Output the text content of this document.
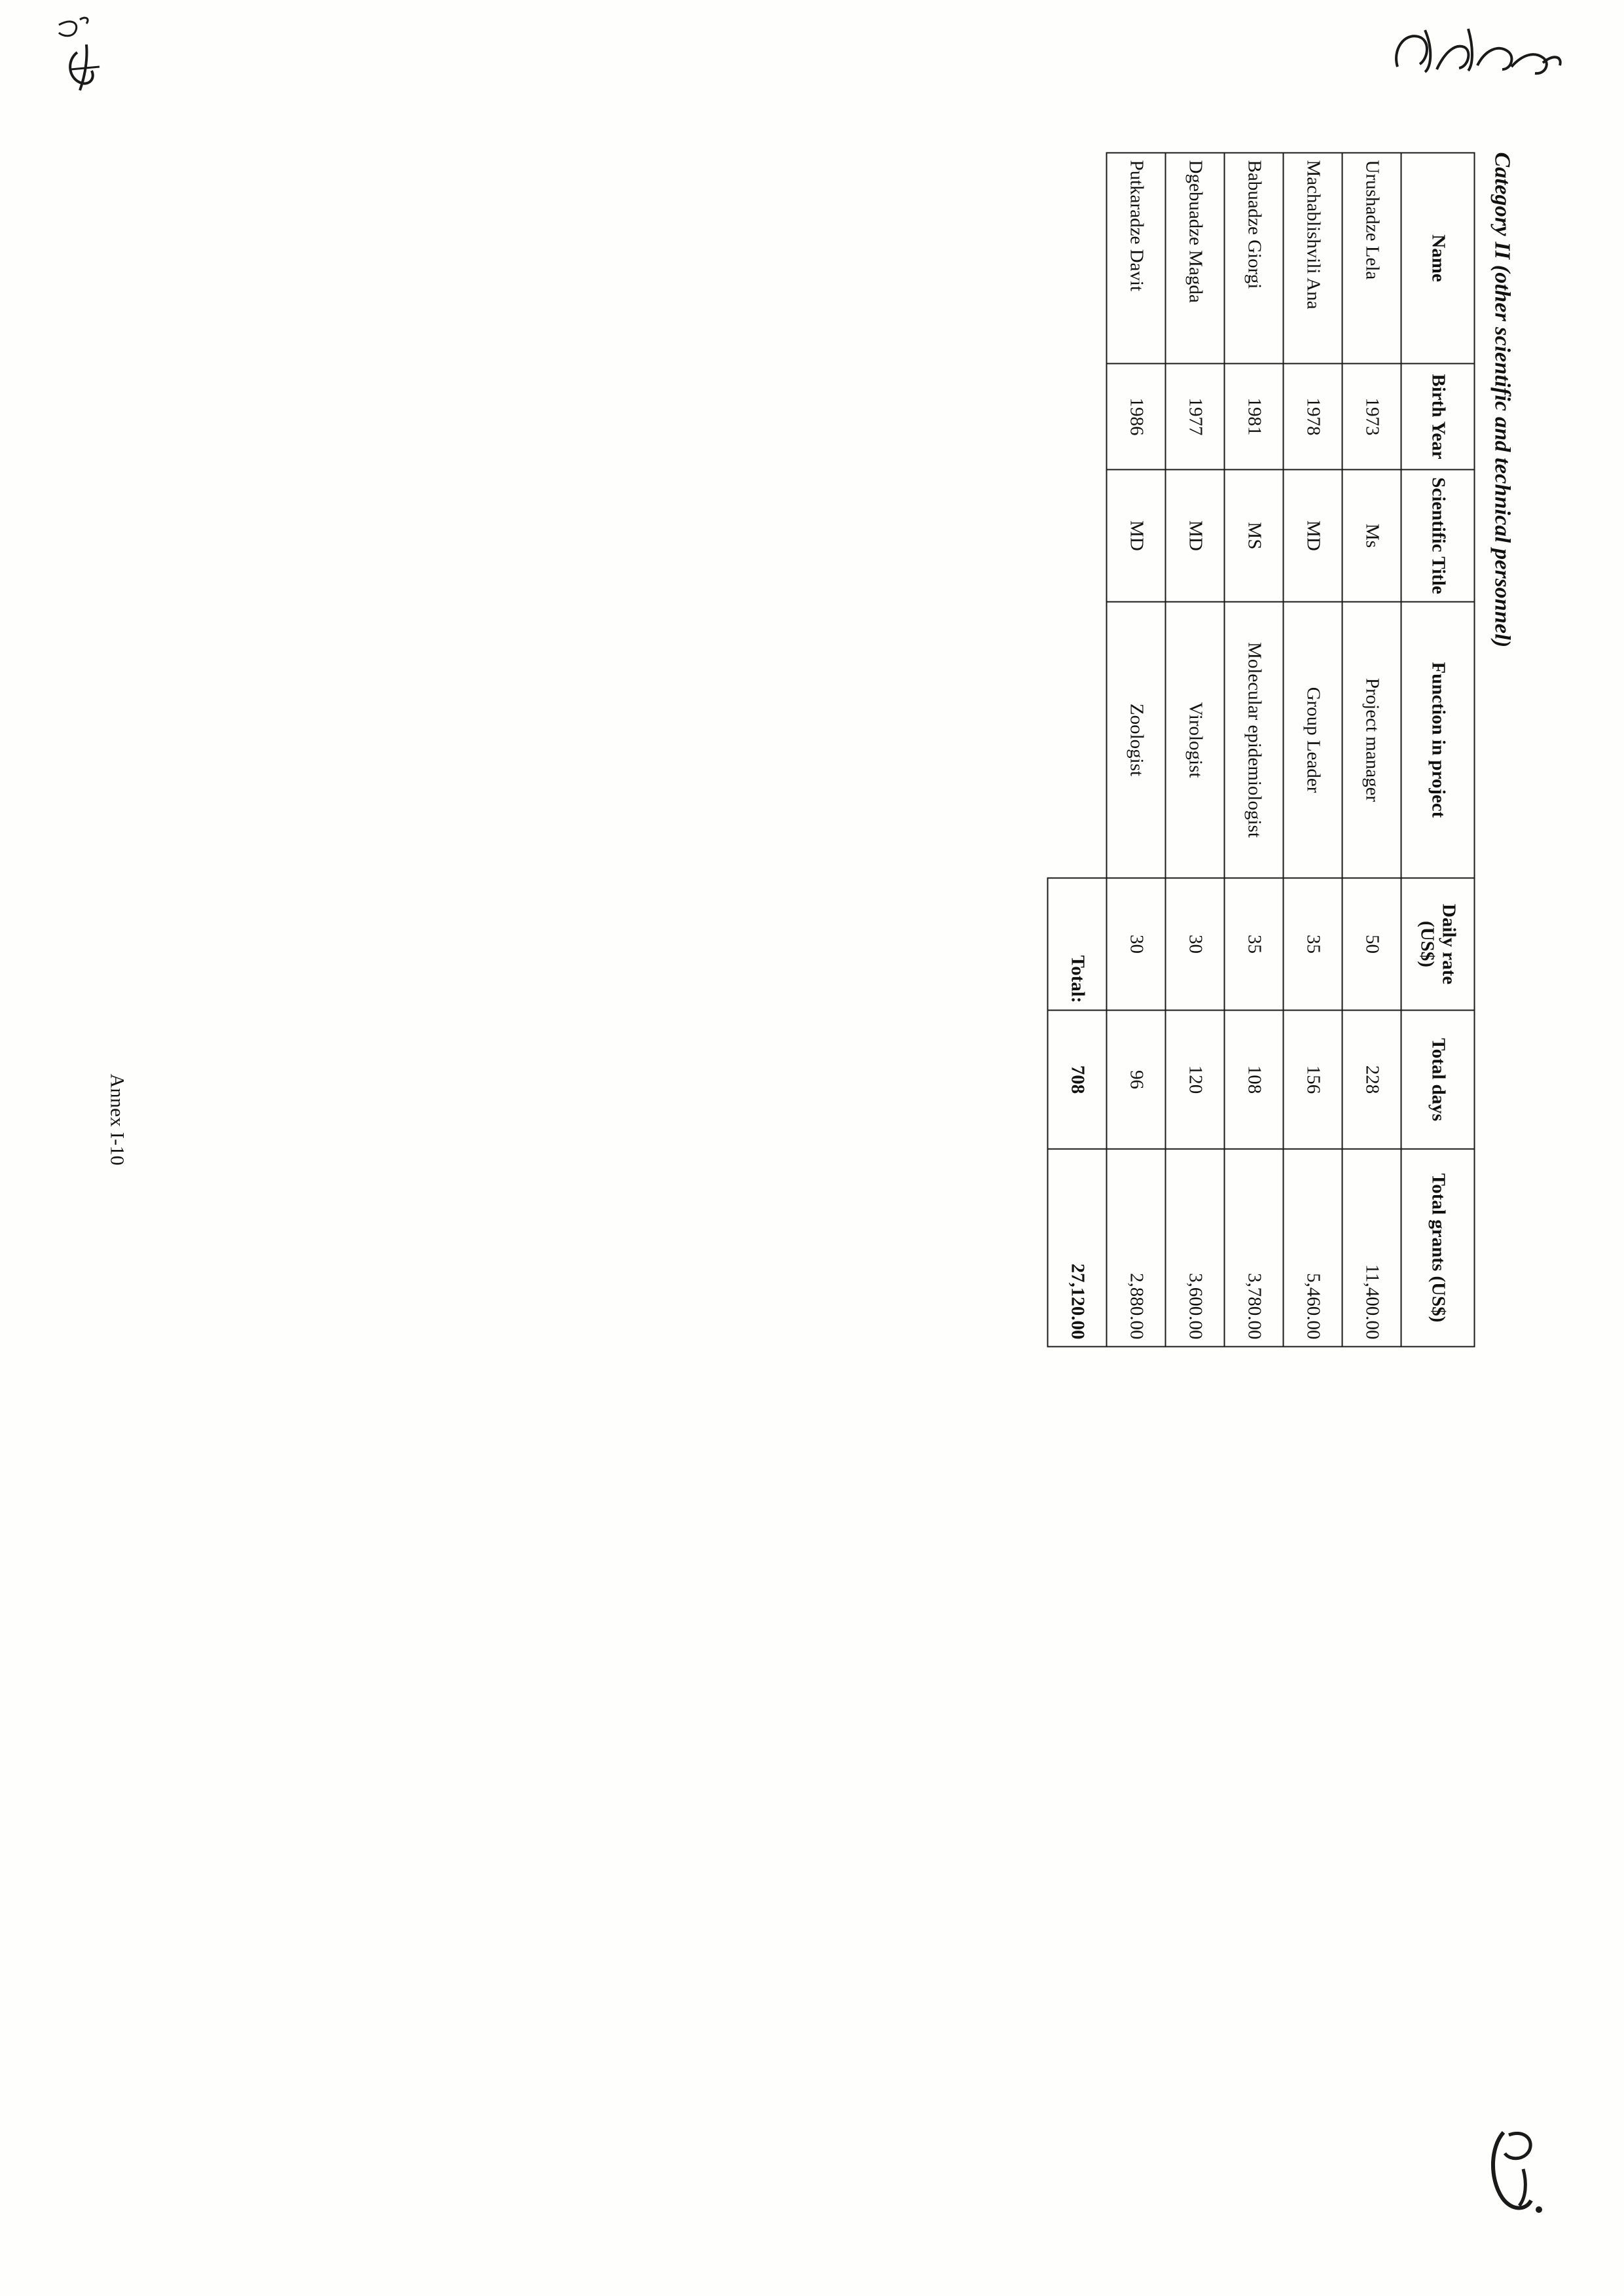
Category II (other scientific and technical personnel)
Name	Birth Year	Scientific Title	Function in project	Daily rate (US$)	Total days	Total grants (US$)
Urushadze Lela	1973	Ms	Project manager	50	228	11,400.00
Machablishvili Ana	1978	MD	Group Leader	35	156	5,460.00
Babuadze Giorgi	1981	MS	Molecular epidemiologist	35	108	3,780.00
Dgebuadze Magda	1977	MD	Virologist	30	120	3,600.00
Putkaradze Davit	1986	MD	Zoologist	30	96	2,880.00
				Total:	708	27,120.00
Annex I-10
